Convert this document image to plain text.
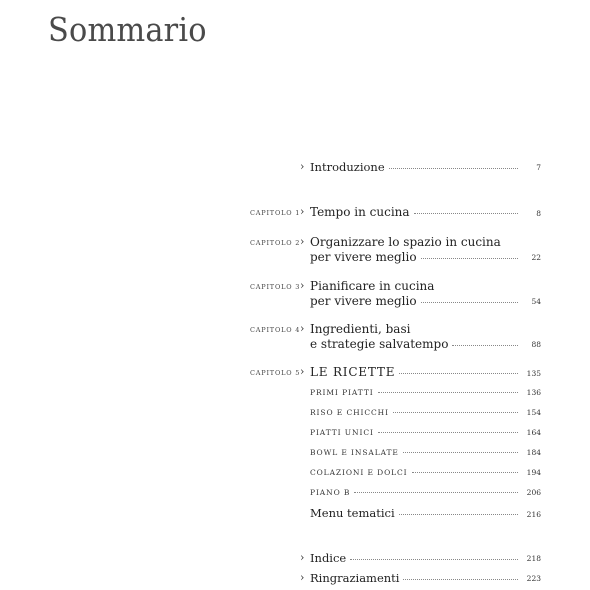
Sommario
› Introduzione	7
CAPITOLO 1 › Tempo in cucina	8
CAPITOLO 2 › Organizzare lo spazio in cucina
per vivere meglio	22
CAPITOLO 3 › Pianificare in cucina
per vivere meglio	54
CAPITOLO 4 › Ingredienti, basi
e strategie salvatempo	88
CAPITOLO 5 › LE RICETTE	135
PRIMI PIATTI	136
RISO E CHICCHI	154
PIATTI UNICI	164
BOWL E INSALATE	184
COLAZIONI E DOLCI	194
PIANO B	206
Menu tematici	216
› Indice	218
› Ringraziamenti	223
